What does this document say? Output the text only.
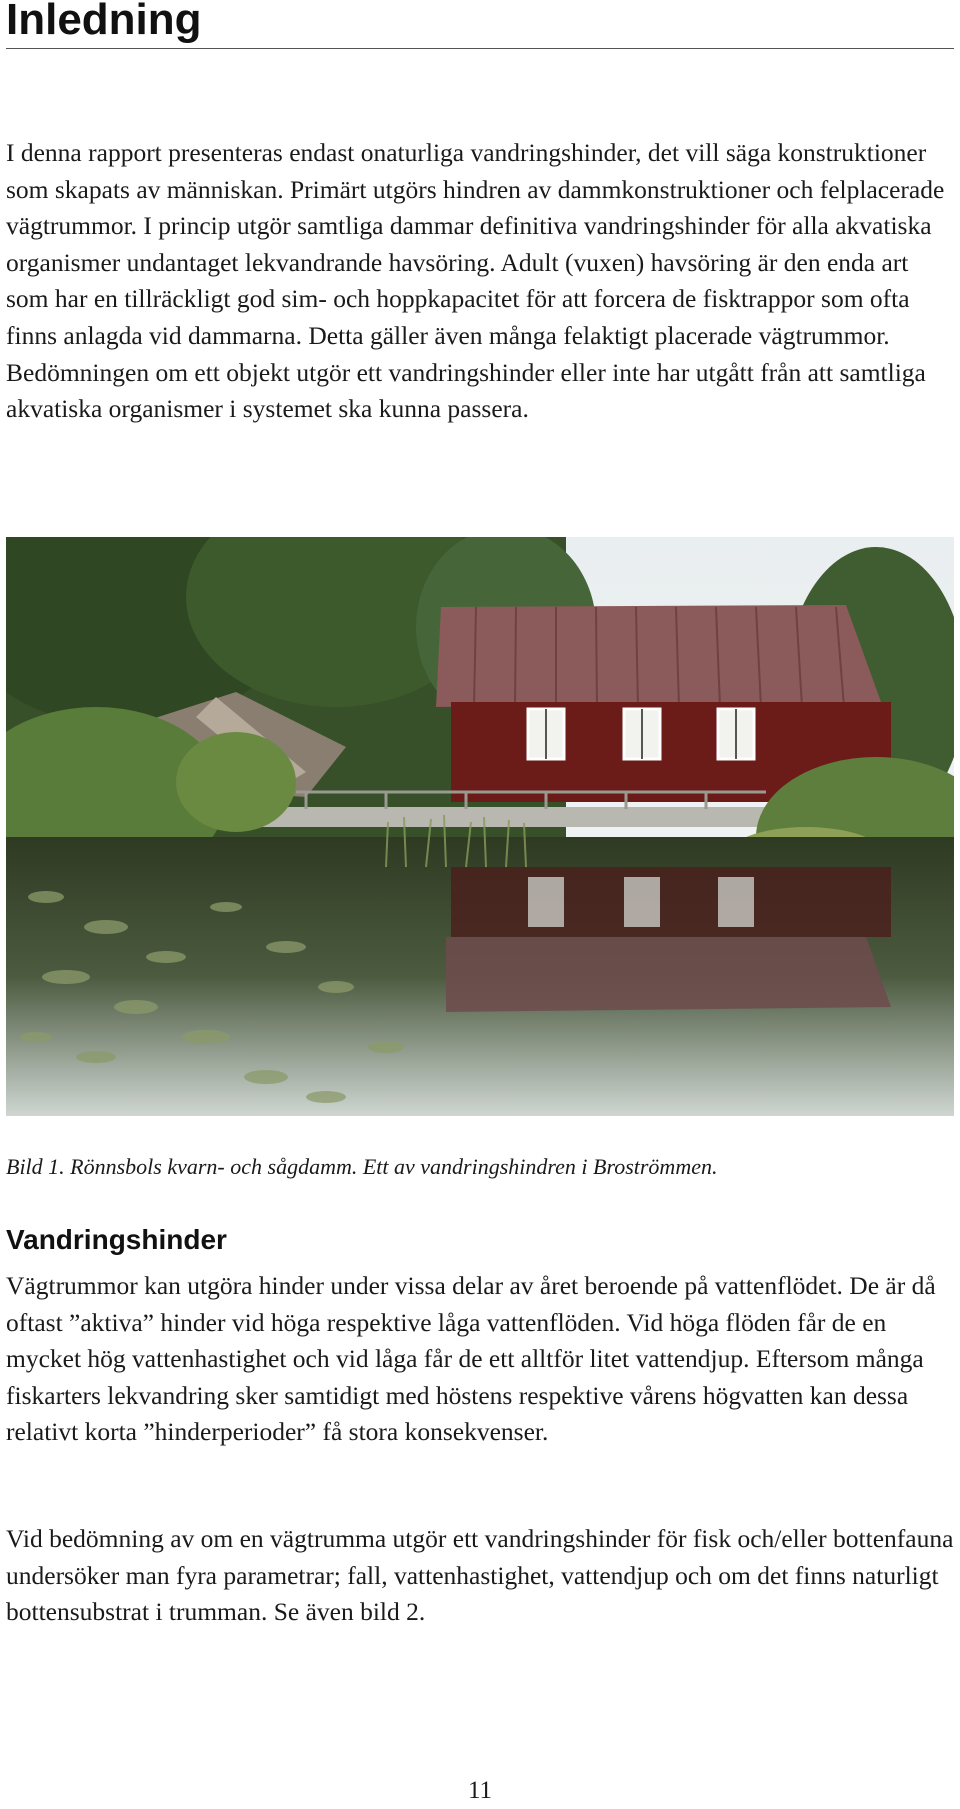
Inledning

I denna rapport presenteras endast onaturliga vandringshinder, det vill säga konstruktioner som skapats av människan. Primärt utgörs hindren av dammkonstruktioner och felplacerade vägtrummor. I princip utgör samtliga dammar definitiva vandringshinder för alla akvatiska organismer undantaget lekvandrande havsöring. Adult (vuxen) havsöring är den enda art som har en tillräckligt god sim- och hoppkapacitet för att forcera de fisktrappor som ofta finns anlagda vid dammarna. Detta gäller även många felaktigt placerade vägtrummor. Bedömningen om ett objekt utgör ett vandringshinder eller inte har utgått från att samtliga akvatiska organismer i systemet ska kunna passera.

Bild 1. Rönnsbols kvarn- och sågdamm. Ett av vandringshindren i Broströmmen.
Vandringshinder

Vägtrummor kan utgöra hinder under vissa delar av året beroende på vattenflödet. De är då oftast ”aktiva” hinder vid höga respektive låga vattenflöden. Vid höga flöden får de en mycket hög vattenhastighet och vid låga får de ett alltför litet vattendjup. Eftersom många fiskarters lekvandring sker samtidigt med höstens respektive vårens högvatten kan dessa relativt korta ”hinderperioder” få stora konsekvenser.

Vid bedömning av om en vägtrumma utgör ett vandringshinder för fisk och/eller bottenfauna undersöker man fyra parametrar; fall, vattenhastighet, vattendjup och om det finns naturligt bottensubstrat i trumman. Se även bild 2.

11
